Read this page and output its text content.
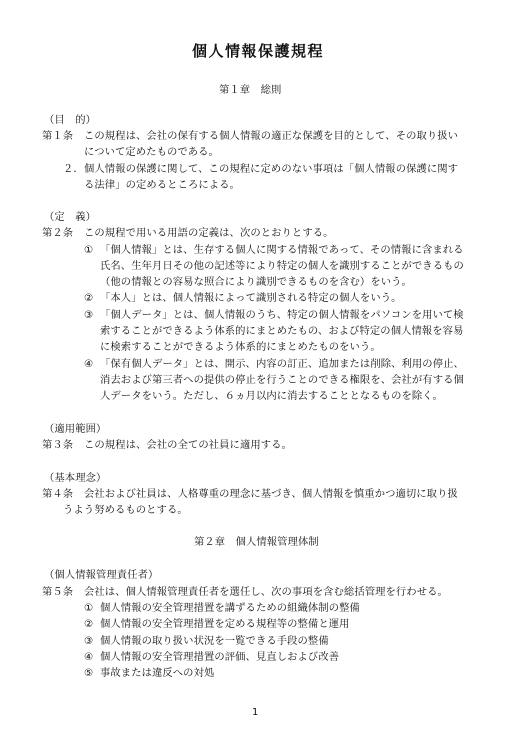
個人情報保護規程
第１章　総則
（目　的）
第１条 この規程は、会社の保有する個人情報の適正な保護を目的として、その取り扱い
について定めたものである。
２． 個人情報の保護に関して、この規程に定めのない事項は「個人情報の保護に関す
る法律」の定めるところによる。
（定　義）
第２条 この規程で用いる用語の定義は、次のとおりとする。
① 「個人情報」とは、生存する個人に関する情報であって、その情報に含まれる
氏名、生年月日その他の記述等により特定の個人を識別することができるもの
（他の情報との容易な照合により識別できるものを含む）をいう。
② 「本人」とは、個人情報によって識別される特定の個人をいう。
③ 「個人データ」とは、個人情報のうち、特定の個人情報をパソコンを用いて検
索することができるよう体系的にまとめたもの、および特定の個人情報を容易
に検索することができるよう体系的にまとめたものをいう。
④ 「保有個人データ」とは、開示、内容の訂正、追加または削除、利用の停止、
消去および第三者への提供の停止を行うことのできる権限を、会社が有する個
人データをいう。ただし、６ヵ月以内に消去することとなるものを除く。
（適用範囲）
第３条 この規程は、会社の全ての社員に適用する。
（基本理念）
第４条 会社および社員は、人格尊重の理念に基づき、個人情報を慎重かつ適切に取り扱
うよう努めるものとする。
第２章　個人情報管理体制
（個人情報管理責任者）
第５条 会社は、個人情報管理責任者を選任し、次の事項を含む総括管理を行わせる。
① 個人情報の安全管理措置を講ずるための組織体制の整備
② 個人情報の安全管理措置を定める規程等の整備と運用
③ 個人情報の取り扱い状況を一覧できる手段の整備
④ 個人情報の安全管理措置の評価、見直しおよび改善
⑤ 事故または違反への対処
1
